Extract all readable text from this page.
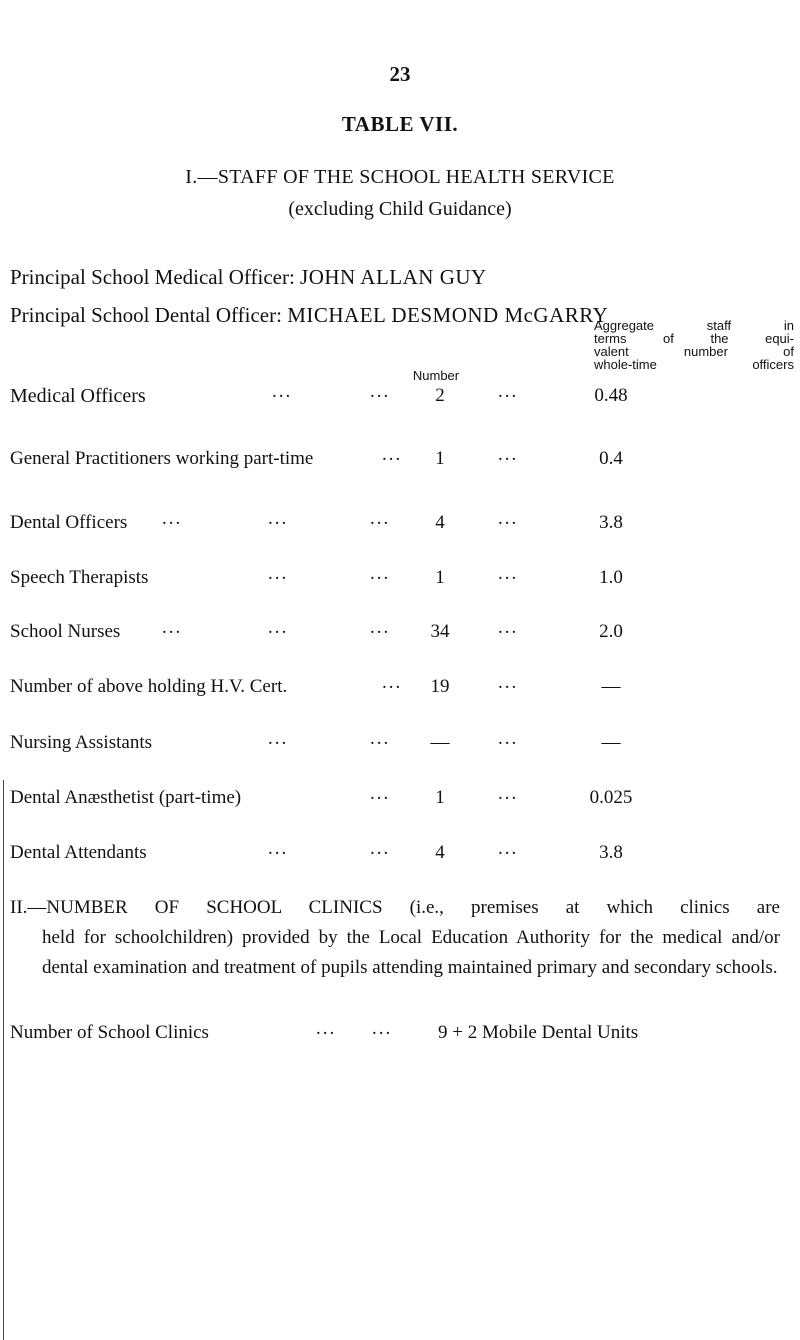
23
TABLE VII.
I.—STAFF OF THE SCHOOL HEALTH SERVICE
(excluding Child Guidance)
Principal School Medical Officer: JOHN ALLAN GUY
Principal School Dental Officer: MICHAEL DESMOND McGARRY
Number
Aggregate staff in
terms of the equi-
valent number of
whole-time officers
Medical Officers	...	...	2	...	0.48
General Practitioners working part-time	...	1	...	0.4
Dental Officers ...	...	...	4	...	3.8
Speech Therapists	...	...	1	...	1.0
School Nurses ...	...	...	34	...	2.0
Number of above holding H.V. Cert.	...	19	...	—
Nursing Assistants	...	...	—	...	—
Dental Anæsthetist (part-time)	...	1	...	0.025
Dental Attendants	...	...	4	...	3.8
II.—NUMBER OF SCHOOL CLINICS (i.e., premises at which clinics are
held for schoolchildren) provided by the Local Education Authority for the medical and/or dental examination and treatment of pupils attending maintained primary and secondary schools.
Number of School Clinics	... ... 9 + 2 Mobile Dental Units
